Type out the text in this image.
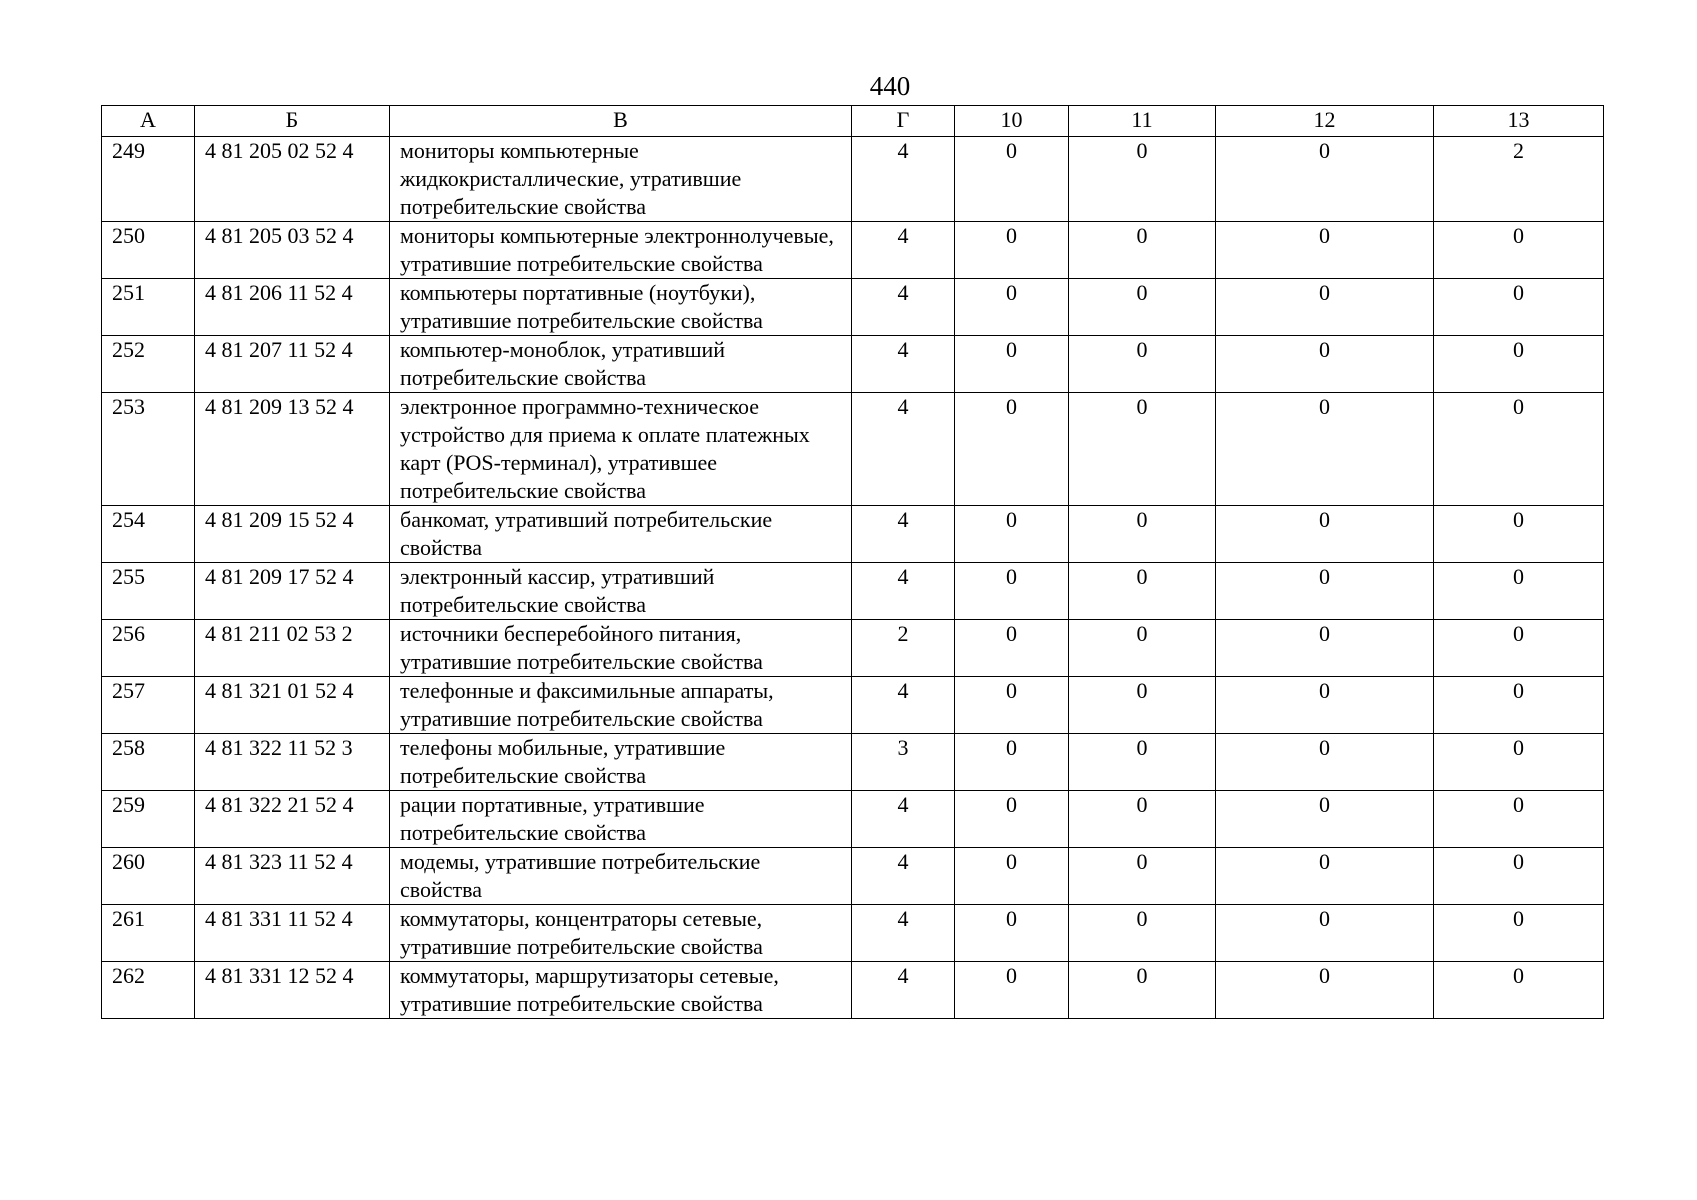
440
А	Б	В	Г	10	11	12	13
249	4 81 205 02 52 4	мониторы компьютерные жидкокристаллические, утратившие потребительские свойства	4	0	0	0	2
250	4 81 205 03 52 4	мониторы компьютерные электроннолучевые, утратившие потребительские свойства	4	0	0	0	0
251	4 81 206 11 52 4	компьютеры портативные (ноутбуки), утратившие потребительские свойства	4	0	0	0	0
252	4 81 207 11 52 4	компьютер-моноблок, утративший потребительские свойства	4	0	0	0	0
253	4 81 209 13 52 4	электронное программно-техническое устройство для приема к оплате платежных карт (POS-терминал), утратившее потребительские свойства	4	0	0	0	0
254	4 81 209 15 52 4	банкомат, утративший потребительские свойства	4	0	0	0	0
255	4 81 209 17 52 4	электронный кассир, утративший потребительские свойства	4	0	0	0	0
256	4 81 211 02 53 2	источники бесперебойного питания, утратившие потребительские свойства	2	0	0	0	0
257	4 81 321 01 52 4	телефонные и факсимильные аппараты, утратившие потребительские свойства	4	0	0	0	0
258	4 81 322 11 52 3	телефоны мобильные, утратившие потребительские свойства	3	0	0	0	0
259	4 81 322 21 52 4	рации портативные, утратившие потребительские свойства	4	0	0	0	0
260	4 81 323 11 52 4	модемы, утратившие потребительские свойства	4	0	0	0	0
261	4 81 331 11 52 4	коммутаторы, концентраторы сетевые, утратившие потребительские свойства	4	0	0	0	0
262	4 81 331 12 52 4	коммутаторы, маршрутизаторы сетевые, утратившие потребительские свойства	4	0	0	0	0
